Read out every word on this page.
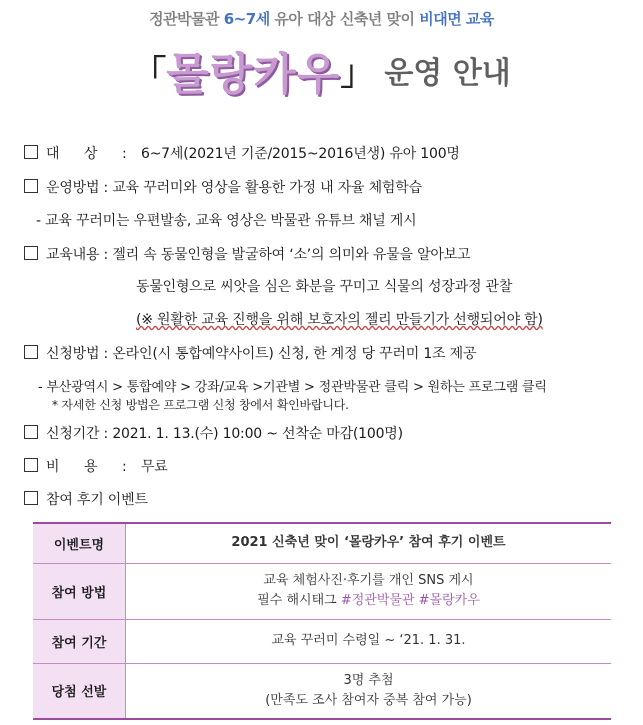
정관박물관 6~7세 유아 대상 신축년 맞이 비대면 교육
「몰랑카우」 운영 안내
대 상 : 6~7세(2021년 기준/2015~2016년생) 유아 100명
운영방법 : 교육 꾸러미와 영상을 활용한 가정 내 자율 체험학습
- 교육 꾸러미는 우편발송, 교육 영상은 박물관 유튜브 채널 게시
교육내용 : 젤리 속 동물인형을 발굴하여 ‘소’의 의미와 유물을 알아보고
동물인형으로 씨앗을 심은 화분을 꾸미고 식물의 성장과정 관찰
(※ 원활한 교육 진행을 위해 보호자의 젤리 만들기가 선행되어야 함)
신청방법 : 온라인(시 통합예약사이트) 신청, 한 계정 당 꾸러미 1조 제공
- 부산광역시 > 통합예약 > 강좌/교육 >기관별 > 정관박물관 클릭 > 원하는 프로그램 클릭
* 자세한 신청 방법은 프로그램 신청 창에서 확인바랍니다.
신청기간 : 2021. 1. 13.(수) 10:00 ~ 선착순 마감(100명)
비 용 : 무료
참여 후기 이벤트
이벤트명	2021 신축년 맞이 ‘몰랑카우’ 참여 후기 이벤트
참여 방법	교육 체험사진·후기를 개인 SNS 게시
필수 해시태그 #정관박물관 #몰랑카우

참여 기간	교육 꾸러미 수령일 ~ ‘21. 1. 31.
당첨 선발	3명 추첨
(만족도 조사 참여자 중복 참여 가능)
